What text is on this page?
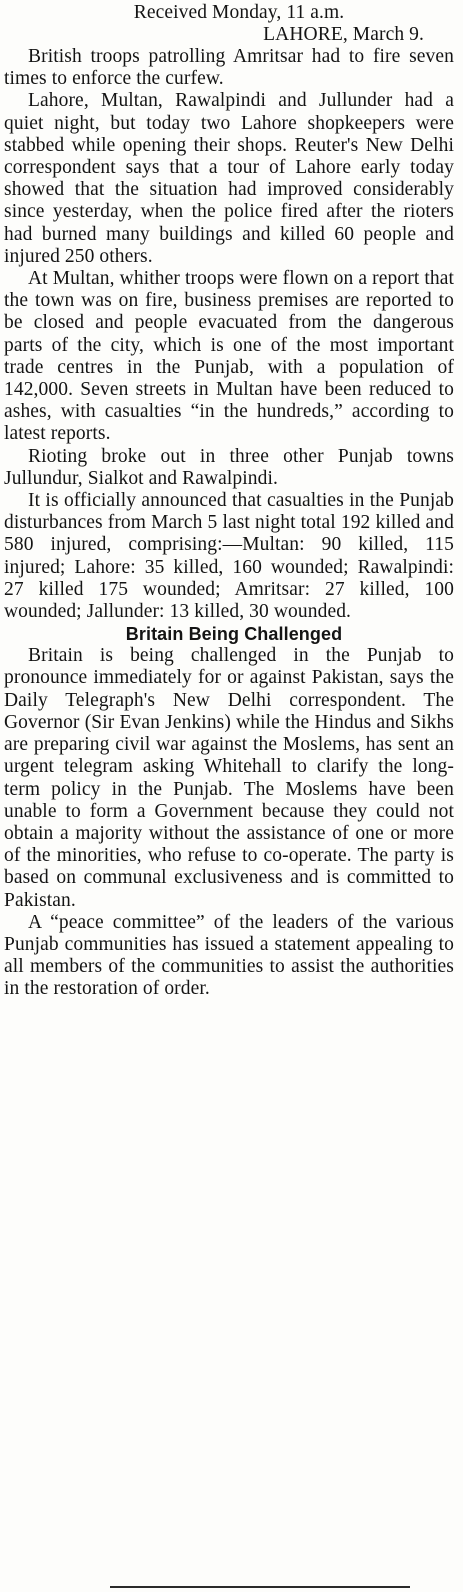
Received Monday, 11 a.m.
LAHORE, March 9.

British troops patrolling Amritsar had to fire seven times to enforce the curfew.

Lahore, Multan, Rawalpindi and Jullunder had a quiet night, but today two Lahore shopkeepers were stabbed while opening their shops. Reuter's New Delhi correspondent says that a tour of Lahore early today showed that the situation had improved considerably since yesterday, when the police fired after the rioters had burned many buildings and killed 60 people and injured 250 others.

At Multan, whither troops were flown on a report that the town was on fire, business premises are reported to be closed and people evacuated from the dangerous parts of the city, which is one of the most important trade centres in the Punjab, with a population of 142,000. Seven streets in Multan have been reduced to ashes, with casualties “in the hundreds,” according to latest reports.

Rioting broke out in three other Punjab towns Jullundur, Sialkot and Rawalpindi.

It is officially announced that casualties in the Punjab disturbances from March 5 last night total 192 killed and 580 injured, comprising:—Multan: 90 killed, 115 injured; Lahore: 35 killed, 160 wounded; Rawalpindi: 27 killed 175 wounded; Amritsar: 27 killed, 100 wounded; Jallunder: 13 killed, 30 wounded.

Britain Being Challenged

Britain is being challenged in the Punjab to pronounce immediately for or against Pakistan, says the Daily Telegraph's New Delhi correspondent. The Governor (Sir Evan Jenkins) while the Hindus and Sikhs are preparing civil war against the Moslems, has sent an urgent telegram asking Whitehall to clarify the long-term policy in the Punjab. The Moslems have been unable to form a Government because they could not obtain a majority without the assistance of one or more of the minorities, who refuse to co-operate. The party is based on communal exclusiveness and is committed to Pakistan.

A “peace committee” of the leaders of the various Punjab communities has issued a statement appealing to all members of the communities to assist the authorities in the restoration of order.
